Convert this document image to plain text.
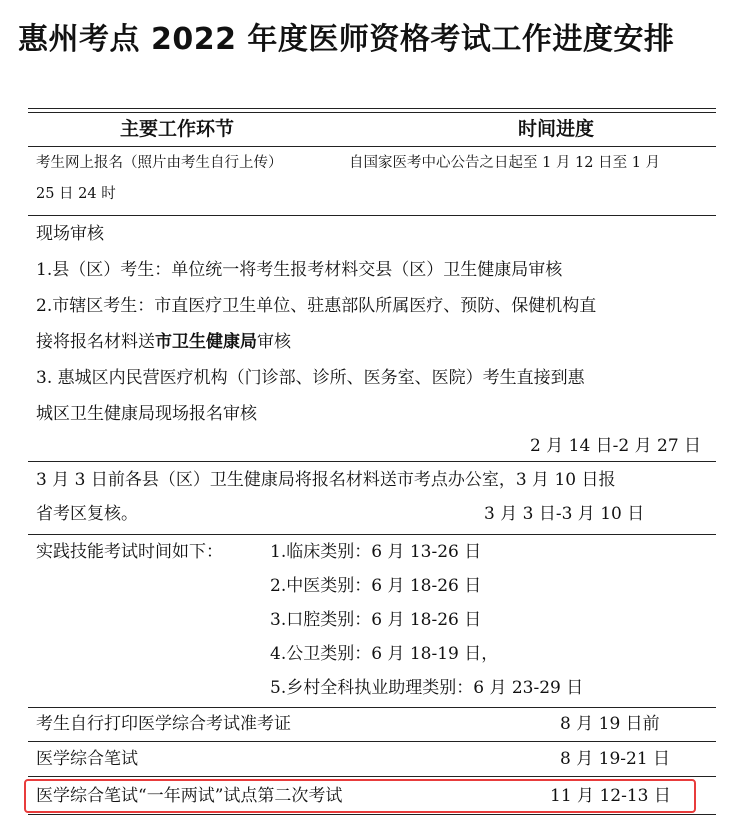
惠州考点 2022 年度医师资格考试工作进度安排
主要工作环节	时间进度
考生网上报名（照片由考生自行上传）	自国家医考中心公告之日起至 1 月 12 日至 1 月
25 日 24 时
现场审核
1.县（区）考生：单位统一将考生报考材料交县（区）卫生健康局审核
2.市辖区考生：市直医疗卫生单位、驻惠部队所属医疗、预防、保健机构直
接将报名材料送市卫生健康局审核
3. 惠城区内民营医疗机构（门诊部、诊所、医务室、医院）考生直接到惠
城区卫生健康局现场报名审核
2 月 14 日-2 月 27 日
3 月 3 日前各县（区）卫生健康局将报名材料送市考点办公室，3 月 10 日报
省考区复核。	3 月 3 日-3 月 10 日
实践技能考试时间如下：	1.临床类别：6 月 13-26 日
2.中医类别：6 月 18-26 日
3.口腔类别：6 月 18-26 日
4.公卫类别：6 月 18-19 日，
5.乡村全科执业助理类别：6 月 23-29 日
考生自行打印医学综合考试准考证	8 月 19 日前
医学综合笔试	8 月 19-21 日
医学综合笔试“一年两试”试点第二次考试	11 月 12-13 日
